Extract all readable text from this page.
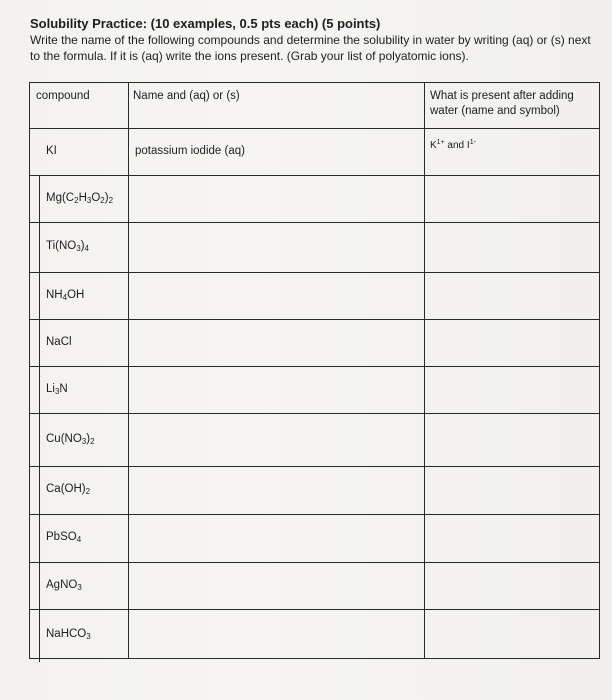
Solubility Practice: (10 examples, 0.5 pts each) (5 points)
Write the name of the following compounds and determine the solubility in water by writing (aq) or (s) next to the formula. If it is (aq) write the ions present. (Grab your list of polyatomic ions).
compound	Name and (aq) or (s)	What is present after adding water (name and symbol)
KI	potassium iodide (aq)	$K^{1+}$ and $I^{1-}$
$Mg(C_2H_3O_2)_2$
$Ti(NO_3)_4$
$NH_4OH$
NaCl
$Li_3N$
$Cu(NO_3)_2$
$Ca(OH)_2$
PbSO$_4$
AgNO$_3$
NaHCO$_3$
